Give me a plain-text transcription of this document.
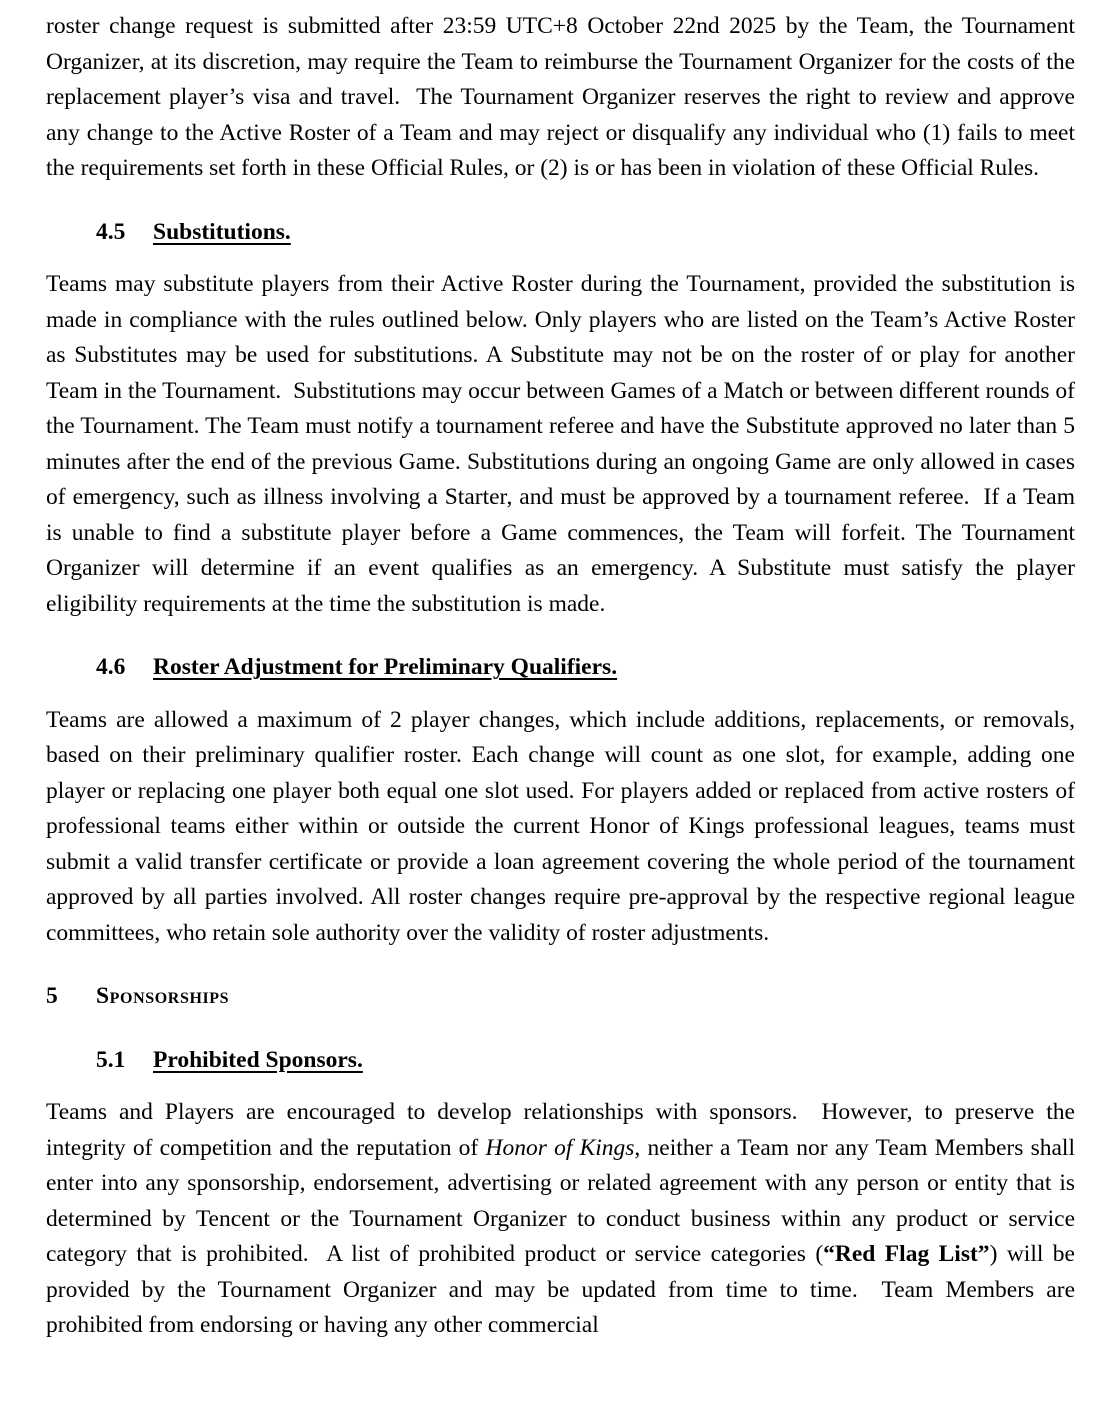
roster change request is submitted after 23:59 UTC+8 October 22nd 2025 by the Team, the Tournament Organizer, at its discretion, may require the Team to reimburse the Tournament Organizer for the costs of the replacement player’s visa and travel.  The Tournament Organizer reserves the right to review and approve any change to the Active Roster of a Team and may reject or disqualify any individual who (1) fails to meet the requirements set forth in these Official Rules, or (2) is or has been in violation of these Official Rules.

4.5 Substitutions.

Teams may substitute players from their Active Roster during the Tournament, provided the substitution is made in compliance with the rules outlined below. Only players who are listed on the Team’s Active Roster as Substitutes may be used for substitutions. A Substitute may not be on the roster of or play for another Team in the Tournament.  Substitutions may occur between Games of a Match or between different rounds of the Tournament. The Team must notify a tournament referee and have the Substitute approved no later than 5 minutes after the end of the previous Game. Substitutions during an ongoing Game are only allowed in cases of emergency, such as illness involving a Starter, and must be approved by a tournament referee.  If a Team is unable to find a substitute player before a Game commences, the Team will forfeit. The Tournament Organizer will determine if an event qualifies as an emergency. A Substitute must satisfy the player eligibility requirements at the time the substitution is made.

4.6 Roster Adjustment for Preliminary Qualifiers.

Teams are allowed a maximum of 2 player changes, which include additions, replacements, or removals, based on their preliminary qualifier roster. Each change will count as one slot, for example, adding one player or replacing one player both equal one slot used. For players added or replaced from active rosters of professional teams either within or outside the current Honor of Kings professional leagues, teams must submit a valid transfer certificate or provide a loan agreement covering the whole period of the tournament approved by all parties involved. All roster changes require pre-approval by the respective regional league committees, who retain sole authority over the validity of roster adjustments.

5 Sponsorships
5.1 Prohibited Sponsors.

Teams and Players are encouraged to develop relationships with sponsors.  However, to preserve the integrity of competition and the reputation of Honor of Kings, neither a Team nor any Team Members shall enter into any sponsorship, endorsement, advertising or related agreement with any person or entity that is determined by Tencent or the Tournament Organizer to conduct business within any product or service category that is prohibited.  A list of prohibited product or service categories (“Red Flag List”) will be provided by the Tournament Organizer and may be updated from time to time.  Team Members are prohibited from endorsing or having any other commercial
